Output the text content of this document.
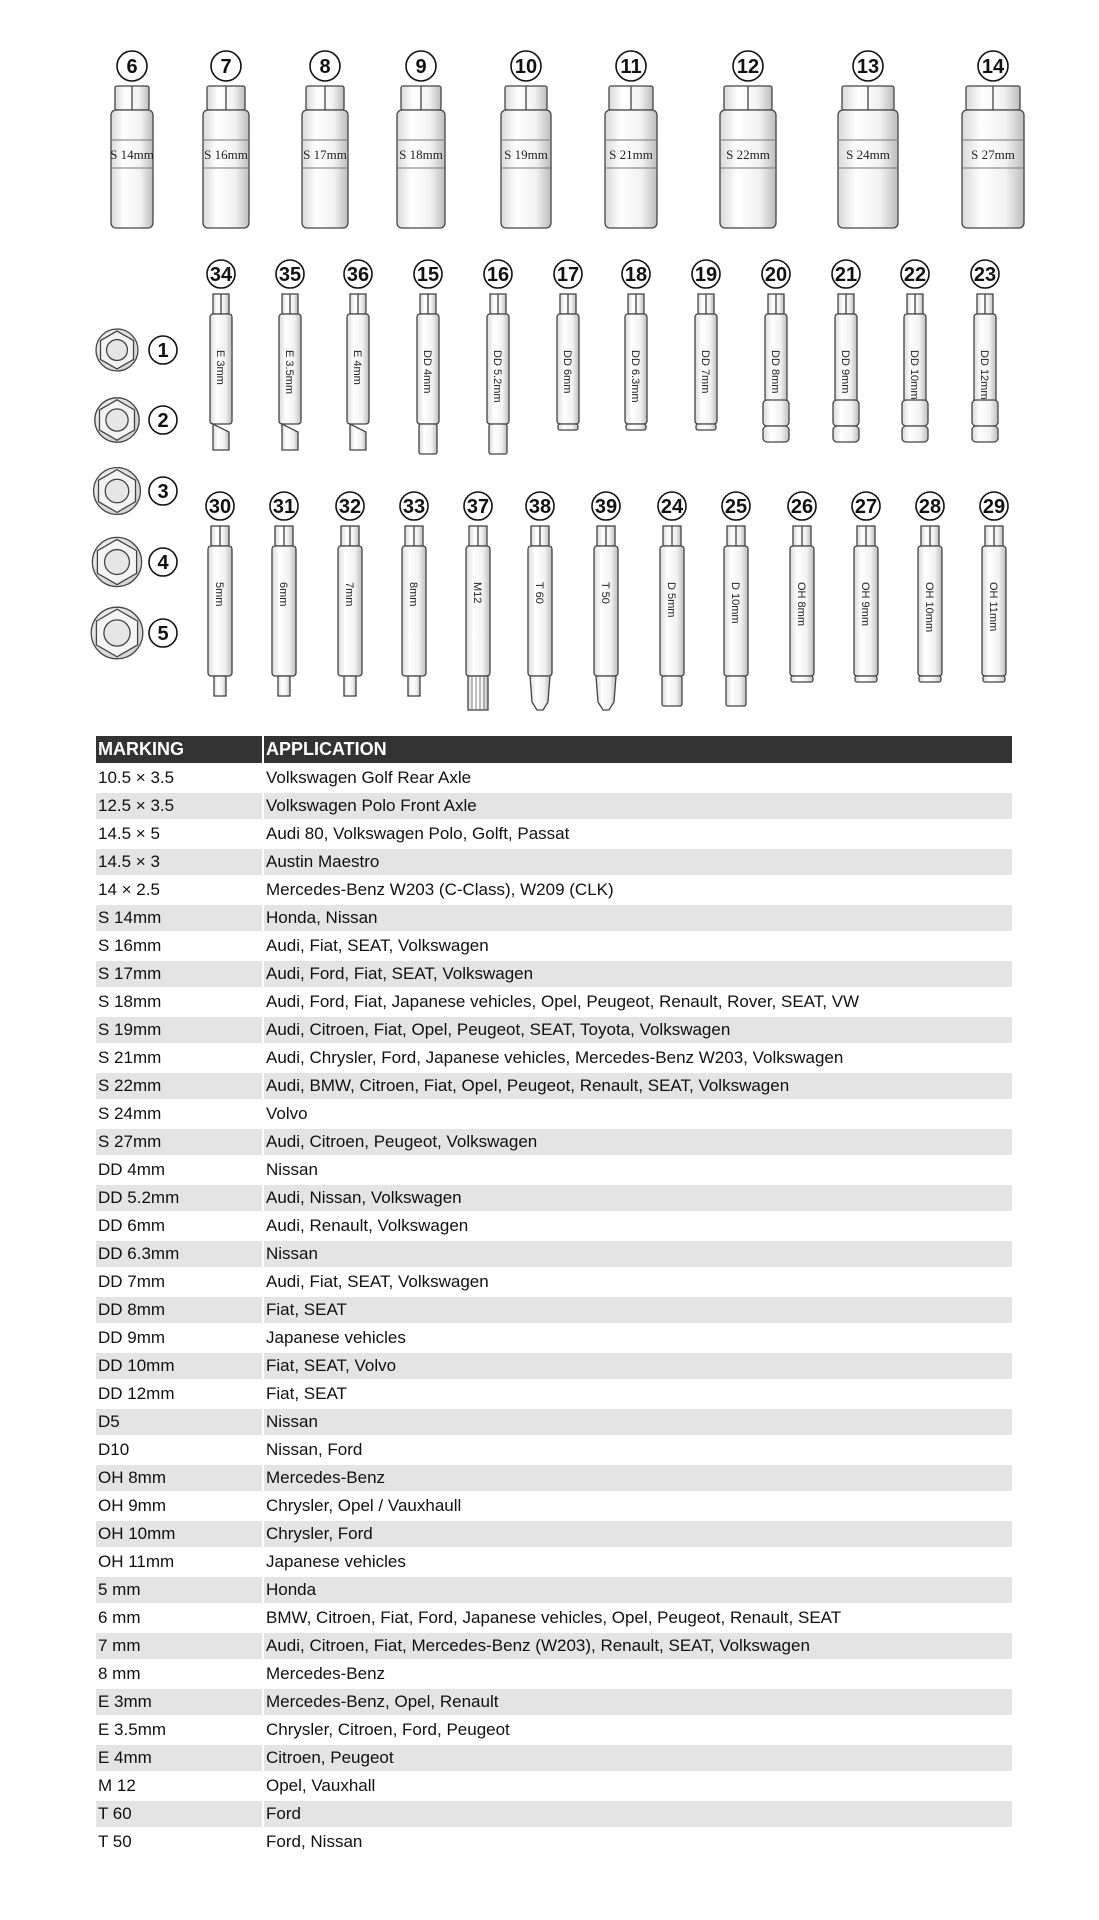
6
S 14mm
7
S 16mm
8
S 17mm
9
S 18mm
10
S 19mm
11
S 21mm
12
S 22mm
13
S 24mm
14
S 27mm
1
2
3
4
5
34
E 3mm
35
E 3.5mm
36
E 4mm
15
DD 4mm
16
DD 5.2mm
17
DD 6mm
18
DD 6.3mm
19
DD 7mm
20
DD 8mm
21
DD 9mm
22
DD 10mm
23
DD 12mm
30
5mm
31
6mm
32
7mm
33
8mm
37
M12
38
T 60
39
T 50
24
D 5mm
25
D 10mm
26
OH 8mm
27
OH 9mm
28
OH 10mm
29
OH 11mm
MARKING	APPLICATION
10.5 × 3.5	Volkswagen Golf Rear Axle
12.5 × 3.5	Volkswagen Polo Front Axle
14.5 × 5	Audi 80, Volkswagen Polo, Golft, Passat
14.5 × 3	Austin Maestro
14 × 2.5	Mercedes-Benz W203 (C-Class), W209 (CLK)
S 14mm	Honda, Nissan
S 16mm	Audi, Fiat, SEAT, Volkswagen
S 17mm	Audi, Ford, Fiat, SEAT, Volkswagen
S 18mm	Audi, Ford, Fiat, Japanese vehicles, Opel, Peugeot, Renault, Rover, SEAT, VW
S 19mm	Audi, Citroen, Fiat, Opel, Peugeot, SEAT, Toyota, Volkswagen
S 21mm	Audi, Chrysler, Ford, Japanese vehicles, Mercedes-Benz W203, Volkswagen
S 22mm	Audi, BMW, Citroen, Fiat, Opel, Peugeot, Renault, SEAT, Volkswagen
S 24mm	Volvo
S 27mm	Audi, Citroen, Peugeot, Volkswagen
DD 4mm	Nissan
DD 5.2mm	Audi, Nissan, Volkswagen
DD 6mm	Audi, Renault, Volkswagen
DD 6.3mm	Nissan
DD 7mm	Audi, Fiat, SEAT, Volkswagen
DD 8mm	Fiat, SEAT
DD 9mm	Japanese vehicles
DD 10mm	Fiat, SEAT, Volvo
DD 12mm	Fiat, SEAT
D5	Nissan
D10	Nissan, Ford
OH 8mm	Mercedes-Benz
OH 9mm	Chrysler, Opel / Vauxhaull
OH 10mm	Chrysler, Ford
OH 11mm	Japanese vehicles
5 mm	Honda
6 mm	BMW, Citroen, Fiat, Ford, Japanese vehicles, Opel, Peugeot, Renault, SEAT
7 mm	Audi, Citroen, Fiat, Mercedes-Benz (W203), Renault, SEAT, Volkswagen
8 mm	Mercedes-Benz
E 3mm	Mercedes-Benz, Opel, Renault
E 3.5mm	Chrysler, Citroen, Ford, Peugeot
E 4mm	Citroen, Peugeot
M 12	Opel, Vauxhall
T 60	Ford
T 50	Ford, Nissan
